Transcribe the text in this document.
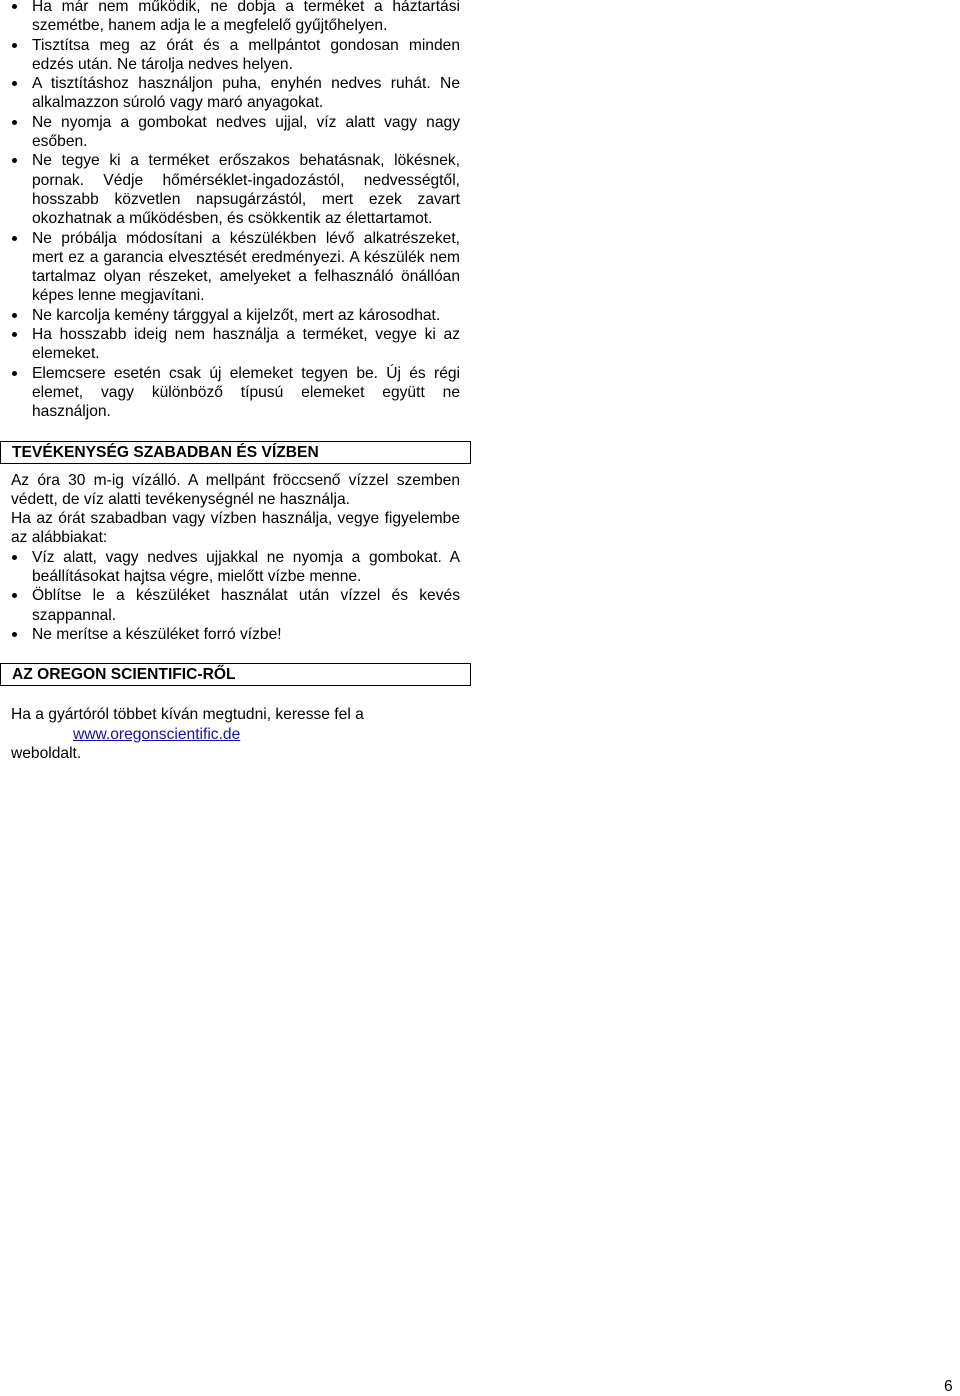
Ha már nem működik, ne dobja a terméket a háztartási szemétbe, hanem adja le a megfelelő gyűjtőhelyen.
Tisztítsa meg az órát és a mellpántot gondosan minden edzés után. Ne tárolja nedves helyen.
A tisztításhoz használjon puha, enyhén nedves ruhát. Ne alkalmazzon súroló vagy maró anyagokat.
Ne nyomja a gombokat nedves ujjal, víz alatt vagy nagy esőben.
Ne tegye ki a terméket erőszakos behatásnak, lökésnek, pornak. Védje hőmérséklet-ingadozástól, nedvességtől, hosszabb közvetlen napsugárzástól, mert ezek zavart okozhatnak a működésben, és csökkentik az élettartamot.
Ne próbálja módosítani a készülékben lévő alkatrészeket, mert ez a garancia elvesztését eredményezi. A készülék nem tartalmaz olyan részeket, amelyeket a felhasználó önállóan képes lenne megjavítani.
Ne karcolja kemény tárggyal a kijelzőt, mert az károsodhat.
Ha hosszabb ideig nem használja a terméket, vegye ki az elemeket.
Elemcsere esetén csak új elemeket tegyen be. Új és régi elemet, vagy különböző típusú elemeket együtt ne használjon.
TEVÉKENYSÉG SZABADBAN ÉS VÍZBEN

Az óra 30 m-ig vízálló. A mellpánt fröccsenő vízzel szemben védett, de víz alatti tevékenységnél ne használja.

Ha az órát szabadban vagy vízben használja, vegye figyelembe az alábbiakat:

Víz alatt, vagy nedves ujjakkal ne nyomja a gombokat. A beállításokat hajtsa végre, mielőtt vízbe menne.
Öblítse le a készüléket használat után vízzel és kevés szappannal.
Ne merítse a készüléket forró vízbe!
AZ OREGON SCIENTIFIC-RŐL

Ha a gyártóról többet kíván megtudni, keresse fel a
www.oregonscientific.de
weboldalt.

6
